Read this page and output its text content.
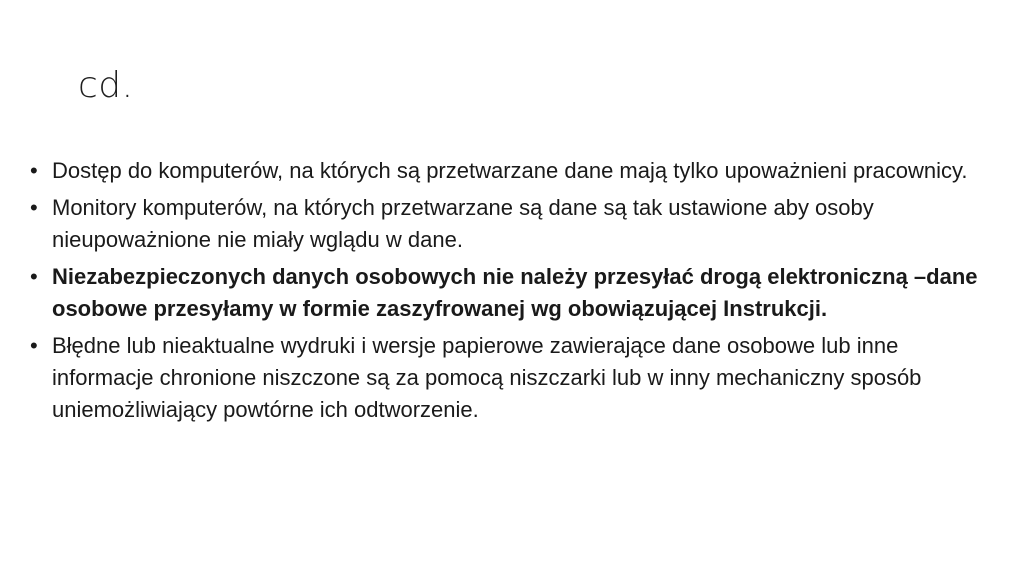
cd.
• Dostęp do komputerów, na których są przetwarzane dane mają tylko upoważnieni pracownicy.
• Monitory komputerów, na których przetwarzane są dane są tak ustawione aby osoby nieupoważnione nie miały wglądu w dane.
• Niezabezpieczonych danych osobowych nie należy przesyłać drogą elektroniczną –dane osobowe przesyłamy w formie zaszyfrowanej wg obowiązującej Instrukcji.
• Błędne lub nieaktualne wydruki i wersje papierowe zawierające dane osobowe lub inne informacje chronione niszczone są za pomocą niszczarki lub w inny mechaniczny sposób uniemożliwiający powtórne ich odtworzenie.
